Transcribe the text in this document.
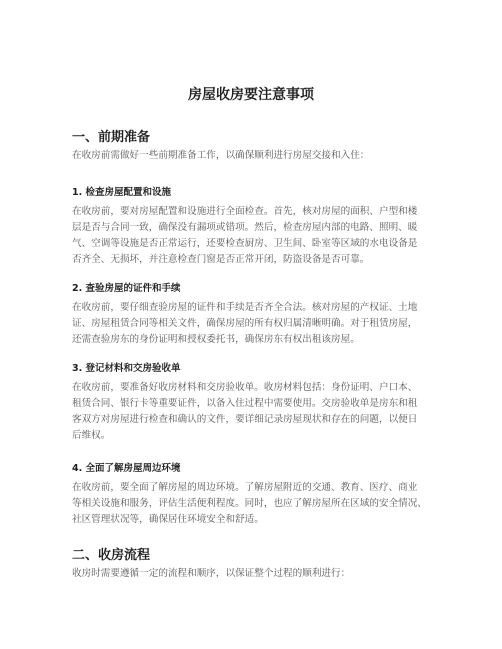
房屋收房要注意事项
一、前期准备

在收房前需做好一些前期准备工作，以确保顺利进行房屋交接和入住：

1. 检查房屋配置和设施

在收房前，要对房屋配置和设施进行全面检查。首先，核对房屋的面积、户型和楼
层是否与合同一致，确保没有漏项或错项。然后，检查房屋内部的电路、照明、暖
气、空调等设施是否正常运行，还要检查厨房、卫生间、卧室等区域的水电设备是
否齐全、无损坏，并注意检查门窗是否正常开闭，防盗设备是否可靠。

2. 查验房屋的证件和手续

在收房前，要仔细查验房屋的证件和手续是否齐全合法。核对房屋的产权证、土地
证、房屋租赁合同等相关文件，确保房屋的所有权归属清晰明确。对于租赁房屋，
还需查验房东的身份证明和授权委托书，确保房东有权出租该房屋。

3. 登记材料和交房验收单

在收房前，要准备好收房材料和交房验收单。收房材料包括：身份证明、户口本、
租赁合同、银行卡等重要证件，以备入住过程中需要使用。交房验收单是房东和租
客双方对房屋进行检查和确认的文件，要详细记录房屋现状和存在的问题，以便日
后维权。

4. 全面了解房屋周边环境

在收房前，要全面了解房屋的周边环境。了解房屋附近的交通、教育、医疗、商业
等相关设施和服务，评估生活便利程度。同时，也应了解房屋所在区域的安全情况、
社区管理状况等，确保居住环境安全和舒适。

二、收房流程

收房时需要遵循一定的流程和顺序，以保证整个过程的顺利进行：
